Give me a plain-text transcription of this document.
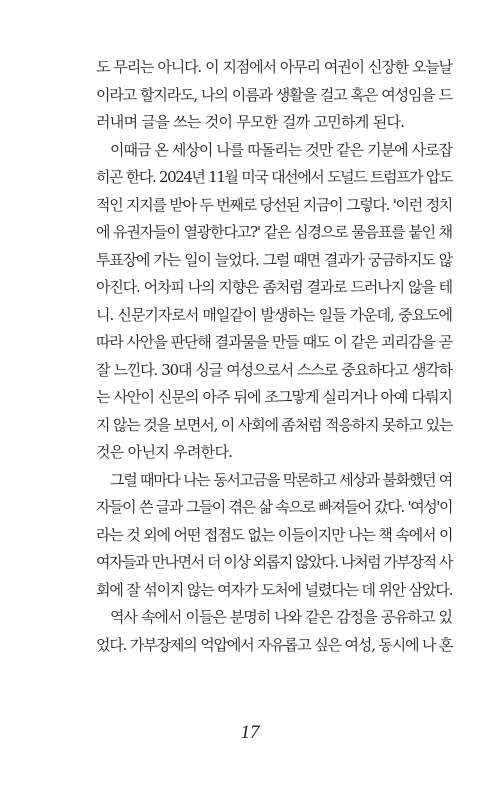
도 무리는 아니다. 이 지점에서 아무리 여권이 신장한 오늘날
이라고 할지라도, 나의 이름과 생활을 걸고 혹은 여성임을 드
러내며 글을 쓰는 것이 무모한 걸까 고민하게 된다.
이때금 온 세상이 나를 따돌리는 것만 같은 기분에 사로잡
히곤 한다. 2024년 11월 미국 대선에서 도널드 트럼프가 압도
적인 지지를 받아 두 번째로 당선된 지금이 그렇다. '이런 정치
에 유권자들이 열광한다고?' 같은 심경으로 물음표를 붙인 채
투표장에 가는 일이 늘었다. 그럴 때면 결과가 궁금하지도 않
아진다. 어차피 나의 지향은 좀처럼 결과로 드러나지 않을 테
니. 신문기자로서 매일같이 발생하는 일들 가운데, 중요도에
따라 사안을 판단해 결과물을 만들 때도 이 같은 괴리감을 곧
잘 느낀다. 30대 싱글 여성으로서 스스로 중요하다고 생각하
는 사안이 신문의 아주 뒤에 조그맣게 실리거나 아예 다뤄지
지 않는 것을 보면서, 이 사회에 좀처럼 적응하지 못하고 있는
것은 아닌지 우려한다.
그럴 때마다 나는 동서고금을 막론하고 세상과 불화했던 여
자들이 쓴 글과 그들이 겪은 삶 속으로 빠져들어 갔다. '여성'이
라는 것 외에 어떤 접점도 없는 이들이지만 나는 책 속에서 이
여자들과 만나면서 더 이상 외롭지 않았다. 나처럼 가부장적 사
회에 잘 섞이지 않는 여자가 도처에 널렸다는 데 위안 삼았다.
역사 속에서 이들은 분명히 나와 같은 감정을 공유하고 있
었다. 가부장제의 억압에서 자유롭고 싶은 여성, 동시에 나 혼
17
